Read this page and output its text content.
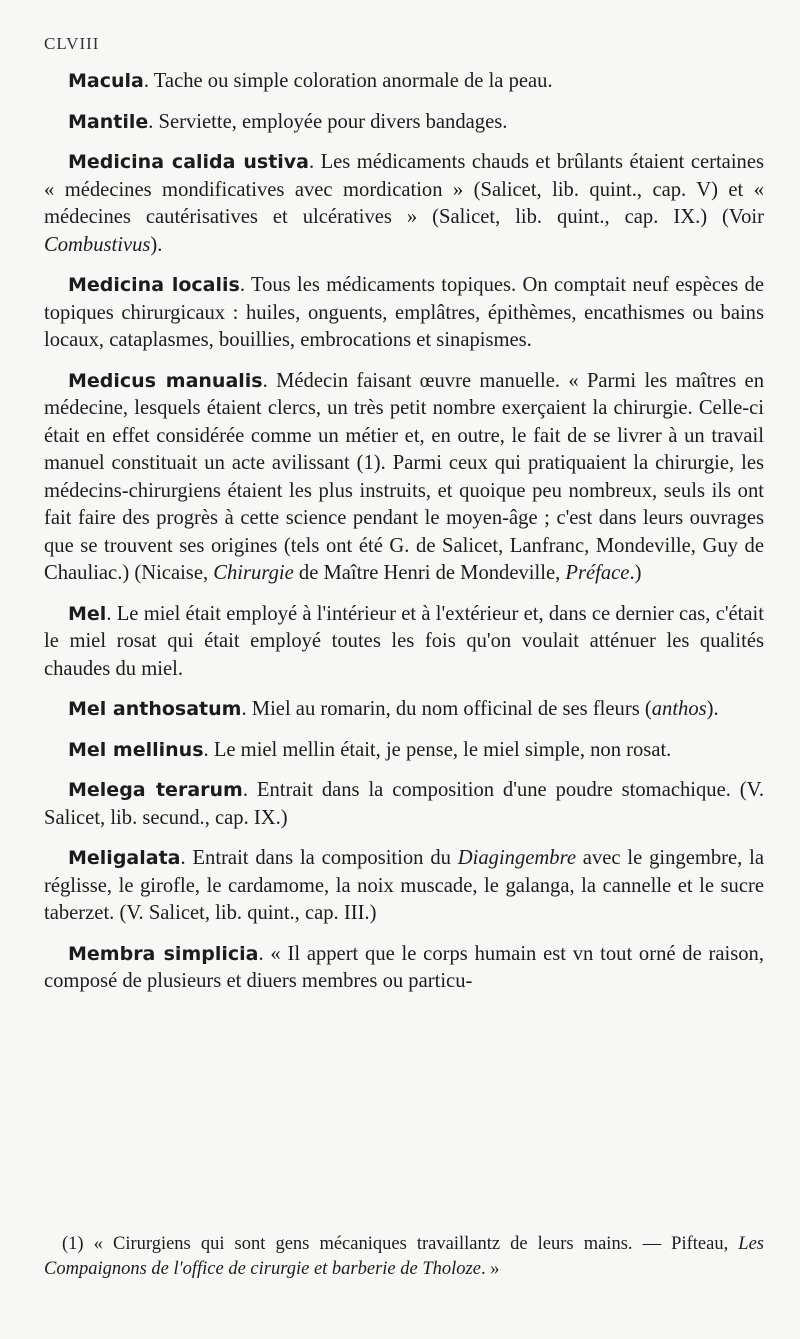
CLVIII

Macula. Tache ou simple coloration anormale de la peau.

Mantile. Serviette, employée pour divers bandages.

Medicina calida ustiva. Les médicaments chauds et brûlants étaient certaines « médecines mondificatives avec mordication » (Salicet, lib. quint., cap. V) et « médecines cautérisatives et ulcératives » (Salicet, lib. quint., cap. IX.) (Voir Combustivus).

Medicina localis. Tous les médicaments topiques. On comptait neuf espèces de topiques chirurgicaux : huiles, onguents, emplâtres, épithèmes, encathismes ou bains locaux, cataplasmes, bouillies, embrocations et sinapismes.

Medicus manualis. Médecin faisant œuvre manuelle. « Parmi les maîtres en médecine, lesquels étaient clercs, un très petit nombre exerçaient la chirurgie. Celle-ci était en effet considérée comme un métier et, en outre, le fait de se livrer à un travail manuel constituait un acte avilissant (1). Parmi ceux qui pratiquaient la chirurgie, les médecins-chirurgiens étaient les plus instruits, et quoique peu nombreux, seuls ils ont fait faire des progrès à cette science pendant le moyen-âge ; c'est dans leurs ouvrages que se trouvent ses origines (tels ont été G. de Salicet, Lanfranc, Mondeville, Guy de Chauliac.) (Nicaise, Chirurgie de Maître Henri de Mondeville, Préface.)

Mel. Le miel était employé à l'intérieur et à l'extérieur et, dans ce dernier cas, c'était le miel rosat qui était employé toutes les fois qu'on voulait atténuer les qualités chaudes du miel.

Mel anthosatum. Miel au romarin, du nom officinal de ses fleurs (anthos).

Mel mellinus. Le miel mellin était, je pense, le miel simple, non rosat.

Melega terarum. Entrait dans la composition d'une poudre stomachique. (V. Salicet, lib. secund., cap. IX.)

Meligalata. Entrait dans la composition du Diagingembre avec le gingembre, la réglisse, le girofle, le cardamome, la noix muscade, le galanga, la cannelle et le sucre taberzet. (V. Salicet, lib. quint., cap. III.)

Membra simplicia. « Il appert que le corps humain est vn tout orné de raison, composé de plusieurs et diuers membres ou particu-

(1) « Cirurgiens qui sont gens mécaniques travaillantz de leurs mains. — Pifteau, Les Compaignons de l'office de cirurgie et barberie de Tholoze. »
